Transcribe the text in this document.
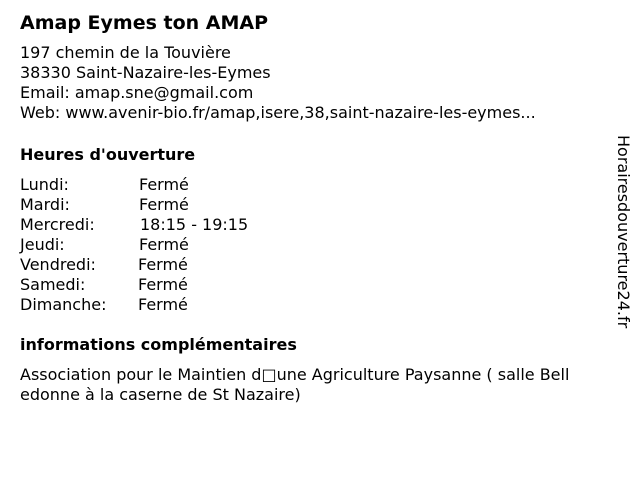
Amap Eymes ton AMAP
197 chemin de la Touvière
38330 Saint-Nazaire-les-Eymes
Email: amap.sne@gmail.com
Web: www.avenir-bio.fr/amap,isere,38,saint-nazaire-les-eymes...
Heures d'ouverture
Lundi:	Fermé
Mardi:	Fermé
Mercredi:	18:15 - 19:15
Jeudi:	Fermé
Vendredi:	Fermé
Samedi:	Fermé
Dimanche: Fermé
informations complémentaires
Association pour le Maintien d□une Agriculture Paysanne ( salle Bell
edonne à la caserne de St Nazaire)
Horairesdouverture24.fr
